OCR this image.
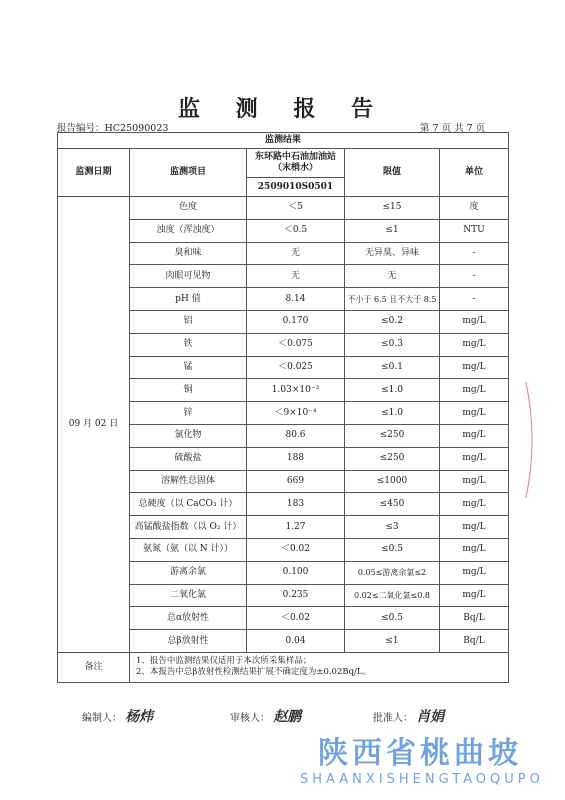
监 测 报 告
报告编号：HC25090023	第 7 页 共 7 页
监测结果				
监测日期	监测项目	东环路中石油加油站（末梢水）	限值	单位
		2509010S0501		
09 月 02 日	色度	＜5	≤15	度
	浊度（浑浊度）	＜0.5	≤1	NTU
	臭和味	无	无异臭、异味	-
	肉眼可见物	无	无	-
	pH 值	8.14	不小于 6.5 且不大于 8.5	-
	铝	0.170	≤0.2	mg/L
	铁	＜0.075	≤0.3	mg/L
	锰	＜0.025	≤0.1	mg/L
	铜	1.03×10⁻³	≤1.0	mg/L
	锌	＜9×10⁻⁴	≤1.0	mg/L
	氯化物	80.6	≤250	mg/L
	硫酸盐	188	≤250	mg/L
	溶解性总固体	669	≤1000	mg/L
	总硬度（以 CaCO₃ 计）	183	≤450	mg/L
	高锰酸盐指数（以 O₂ 计）	1.27	≤3	mg/L
	氨氮（氨（以 N 计））	＜0.02	≤0.5	mg/L
	游离余氯	0.100	0.05≤游离余氯≤2	mg/L
	二氧化氯	0.235	0.02≤二氧化氯≤0.8	mg/L
	总α放射性	＜0.02	≤0.5	Bq/L
	总β放射性	0.04	≤1	Bq/L
备注	1、报告中监测结果仅适用于本次所采集样品；
2、本报告中总β放射性检测结果扩展不确定度为±0.02Bq/L。			
编制人： 杨炜	审核人： 赵鹏	批准人： 肖娟
陕西省桃曲坡
SHAANXISHENGTAOQUPO
